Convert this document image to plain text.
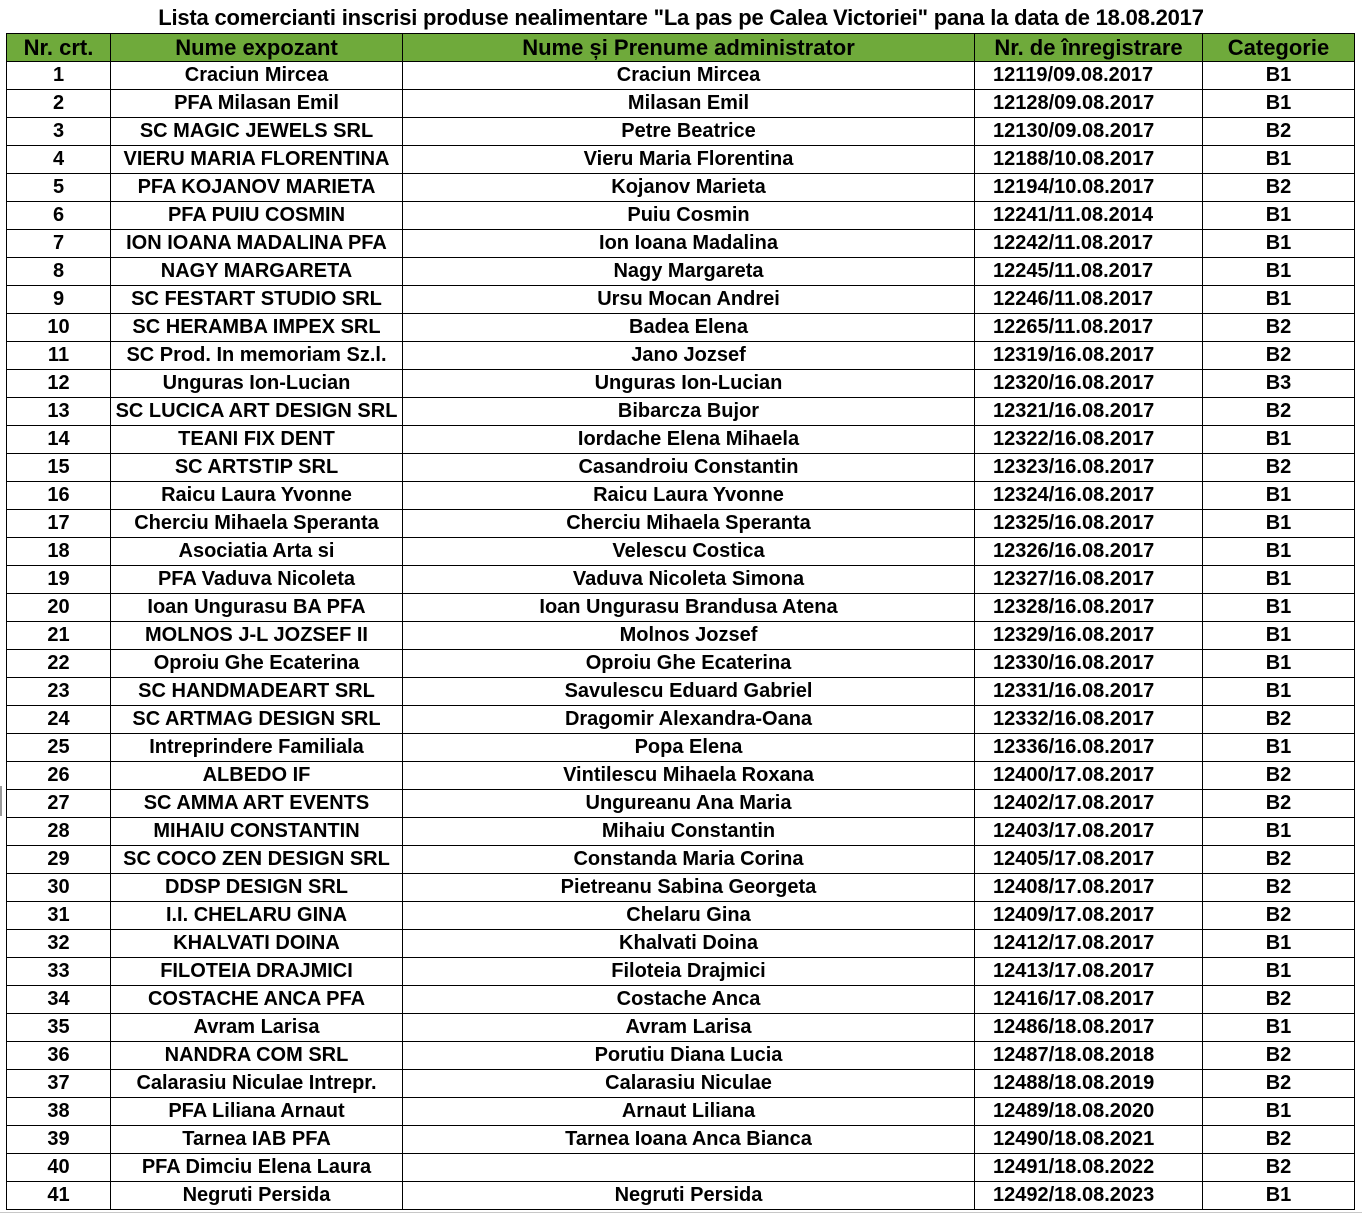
Lista comercianti inscrisi produse nealimentare "La pas pe Calea Victoriei" pana la data de 18.08.2017
Nr. crt.	Nume expozant	Nume și Prenume administrator	Nr. de înregistrare	Categorie
1	Craciun Mircea	Craciun Mircea	12119/09.08.2017	B1
2	PFA Milasan Emil	Milasan Emil	12128/09.08.2017	B1
3	SC MAGIC JEWELS SRL	Petre Beatrice	12130/09.08.2017	B2
4	VIERU MARIA FLORENTINA	Vieru Maria Florentina	12188/10.08.2017	B1
5	PFA KOJANOV MARIETA	Kojanov Marieta	12194/10.08.2017	B2
6	PFA PUIU COSMIN	Puiu Cosmin	12241/11.08.2014	B1
7	ION IOANA MADALINA PFA	Ion Ioana Madalina	12242/11.08.2017	B1
8	NAGY MARGARETA	Nagy Margareta	12245/11.08.2017	B1
9	SC FESTART STUDIO SRL	Ursu Mocan Andrei	12246/11.08.2017	B1
10	SC HERAMBA IMPEX SRL	Badea Elena	12265/11.08.2017	B2
11	SC Prod. In memoriam Sz.l.	Jano Jozsef	12319/16.08.2017	B2
12	Unguras Ion-Lucian	Unguras Ion-Lucian	12320/16.08.2017	B3
13	SC LUCICA ART DESIGN SRL	Bibarcza Bujor	12321/16.08.2017	B2
14	TEANI FIX DENT	Iordache Elena Mihaela	12322/16.08.2017	B1
15	SC ARTSTIP SRL	Casandroiu Constantin	12323/16.08.2017	B2
16	Raicu Laura Yvonne	Raicu Laura Yvonne	12324/16.08.2017	B1
17	Cherciu Mihaela Speranta	Cherciu Mihaela Speranta	12325/16.08.2017	B1
18	Asociatia Arta si	Velescu Costica	12326/16.08.2017	B1
19	PFA Vaduva Nicoleta	Vaduva Nicoleta Simona	12327/16.08.2017	B1
20	Ioan Ungurasu BA PFA	Ioan Ungurasu Brandusa Atena	12328/16.08.2017	B1
21	MOLNOS J-L JOZSEF II	Molnos Jozsef	12329/16.08.2017	B1
22	Oproiu Ghe Ecaterina	Oproiu Ghe Ecaterina	12330/16.08.2017	B1
23	SC HANDMADEART SRL	Savulescu Eduard Gabriel	12331/16.08.2017	B1
24	SC ARTMAG DESIGN SRL	Dragomir Alexandra-Oana	12332/16.08.2017	B2
25	Intreprindere Familiala	Popa Elena	12336/16.08.2017	B1
26	ALBEDO IF	Vintilescu Mihaela Roxana	12400/17.08.2017	B2
27	SC AMMA ART EVENTS	Ungureanu Ana Maria	12402/17.08.2017	B2
28	MIHAIU CONSTANTIN	Mihaiu Constantin	12403/17.08.2017	B1
29	SC COCO ZEN DESIGN SRL	Constanda Maria Corina	12405/17.08.2017	B2
30	DDSP DESIGN SRL	Pietreanu Sabina Georgeta	12408/17.08.2017	B2
31	I.I. CHELARU GINA	Chelaru Gina	12409/17.08.2017	B2
32	KHALVATI DOINA	Khalvati Doina	12412/17.08.2017	B1
33	FILOTEIA DRAJMICI	Filoteia Drajmici	12413/17.08.2017	B1
34	COSTACHE ANCA PFA	Costache Anca	12416/17.08.2017	B2
35	Avram Larisa	Avram Larisa	12486/18.08.2017	B1
36	NANDRA COM SRL	Porutiu Diana Lucia	12487/18.08.2018	B2
37	Calarasiu Niculae Intrepr.	Calarasiu Niculae	12488/18.08.2019	B2
38	PFA Liliana Arnaut	Arnaut Liliana	12489/18.08.2020	B1
39	Tarnea IAB PFA	Tarnea Ioana Anca Bianca	12490/18.08.2021	B2
40	PFA Dimciu Elena Laura		12491/18.08.2022	B2
41	Negruti Persida	Negruti Persida	12492/18.08.2023	B1
